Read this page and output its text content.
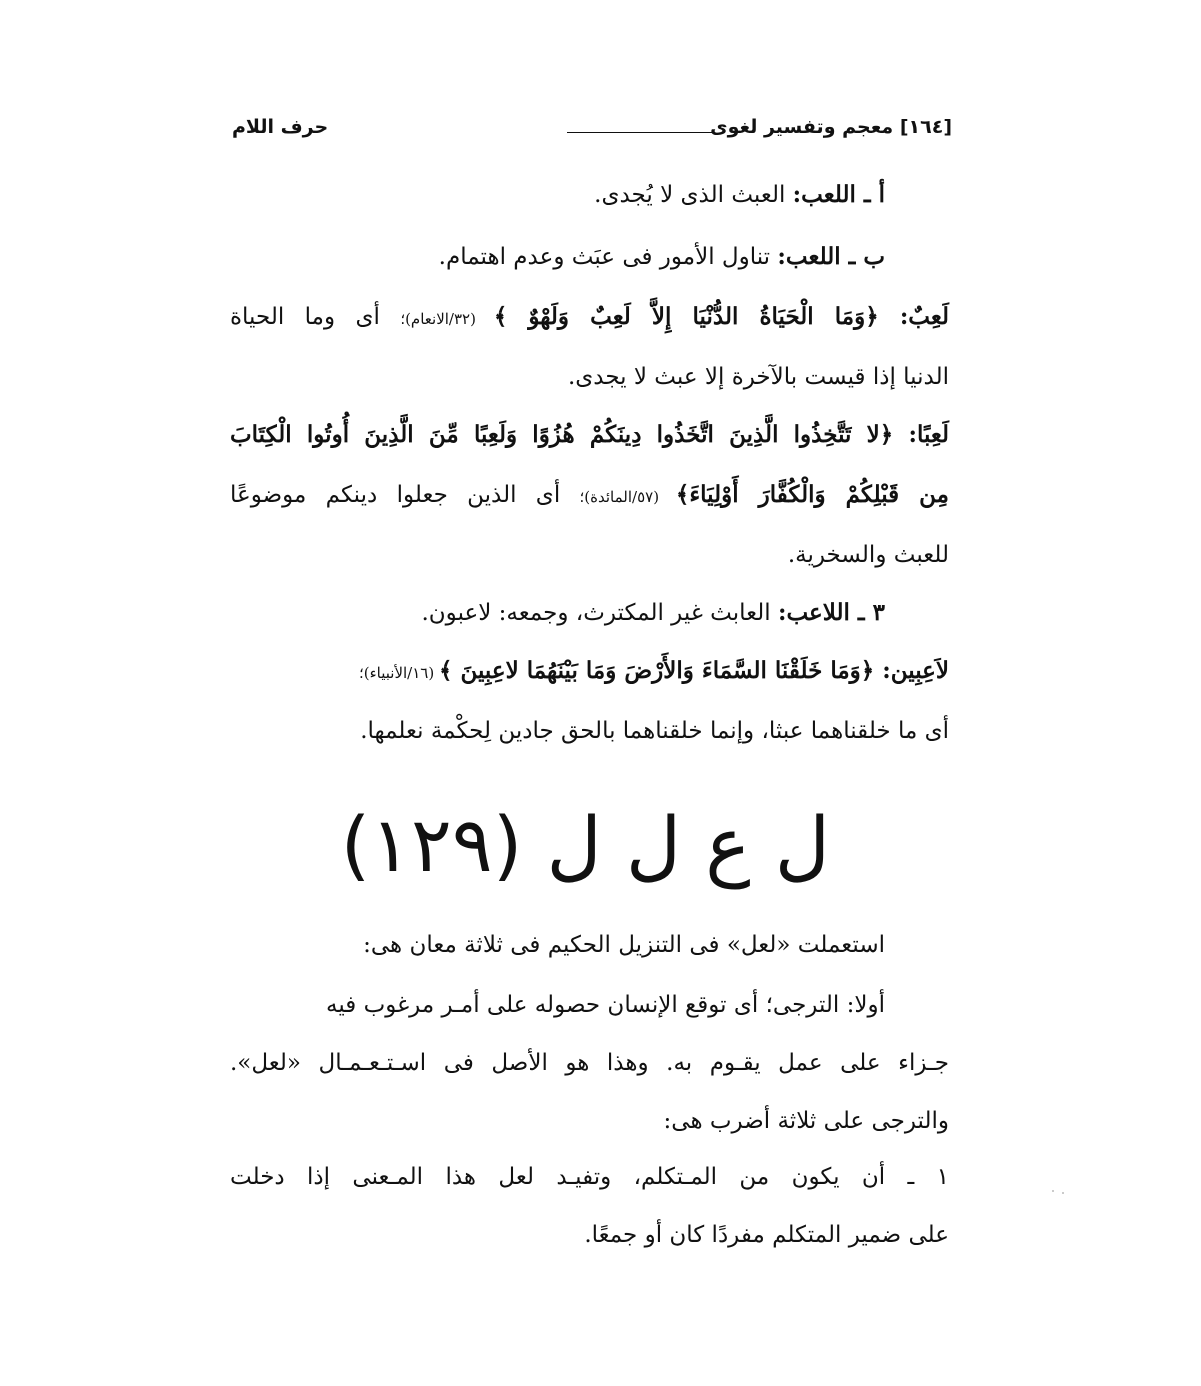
[١٦٤] معجم وتفسير لغوى
حرف اللام
أ ـ اللعب: العبث الذى لا يُجدى.
ب ـ اللعب: تناول الأمور فى عبَث وعدم اهتمام.
لَعِبٌ: ﴿وَمَا الْحَيَاةُ الدُّنْيَا إِلاَّ لَعِبٌ وَلَهْوٌ ﴾ (٣٢/الانعام)؛ أى وما الحياة
الدنيا إذا قيست بالآخرة إلا عبث لا يجدى.
لَعِبًا: ﴿لا تَتَّخِذُوا الَّذِينَ اتَّخَذُوا دِينَكُمْ هُزُوًا وَلَعِبًا مِّنَ الَّذِينَ أُوتُوا الْكِتَابَ
مِن قَبْلِكُمْ وَالْكُفَّارَ أَوْلِيَاءَ﴾ (٥٧/المائدة)؛ أى الذين جعلوا دينكم موضوعًا
للعبث والسخرية.
٣ ـ اللاعب: العابث غير المكترث، وجمعه: لاعبون.
لاَعِبِين: ﴿وَمَا خَلَقْنَا السَّمَاءَ وَالأَرْضَ وَمَا بَيْنَهُمَا لاعِبِينَ ﴾ (١٦/الأنبياء)؛
أى ما خلقناهما عبثا، وإنما خلقناهما بالحق جادين لِحكْمة نعلمها.
ل ع ل ل (١٢٩)
استعملت «لعل» فى التنزيل الحكيم فى ثلاثة معان هى:
أولا: الترجى؛ أى توقع الإنسان حصوله على أمـر مرغوب فيه
جـزاء على عمل يقـوم به. وهذا هو الأصل فى اسـتـعـمـال «لعل».
والترجى على ثلاثة أضرب هى:
١ ـ أن يكون من المـتكلم، وتفيـد لعل هذا المـعنى إذا دخلت
على ضمير المتكلم مفردًا كان أو جمعًا.
